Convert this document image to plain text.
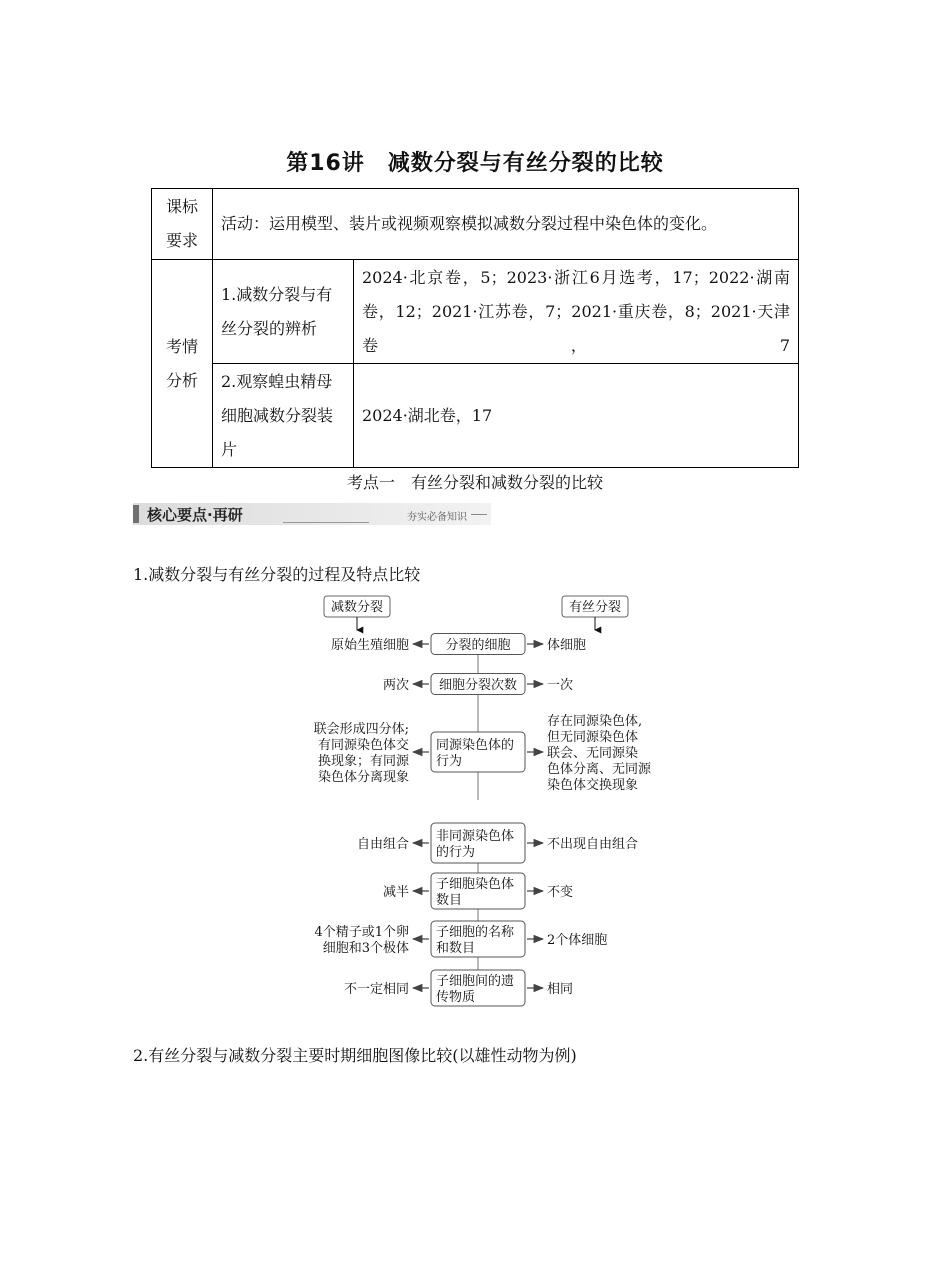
第16讲　减数分裂与有丝分裂的比较
课标
要求	活动：运用模型、装片或视频观察模拟减数分裂过程中染色体的变化。	

考情
分析	1.减数分裂与有丝分裂的辨析	2024·北京卷，5；2023·浙江6月选考，17；2022·湖南卷，12；2021·江苏卷，7；2021·重庆卷，8；2021·天津卷，7
	2.观察蝗虫精母细胞减数分裂装片	2024·湖北卷，17
考点一　有丝分裂和减数分裂的比较
核心要点·再研	夯实必备知识
1.减数分裂与有丝分裂的过程及特点比较
减数分裂	有丝分裂
分裂的细胞
原始生殖细胞	体细胞
细胞分裂次数
两次	一次
同源染色体的
行为
联会形成四分体;
有同源染色体交
换现象；有同源
染色体分离现象
存在同源染色体,
但无同源染色体
联会、无同源染
色体分离、无同源
染色体交换现象
非同源染色体
的行为
自由组合	不出现自由组合
子细胞染色体
数目
减半	不变
子细胞的名称
和数目
4个精子或1个卵
细胞和3个极体
2个体细胞
子细胞间的遗
传物质
不一定相同	相同
2.有丝分裂与减数分裂主要时期细胞图像比较(以雄性动物为例)
